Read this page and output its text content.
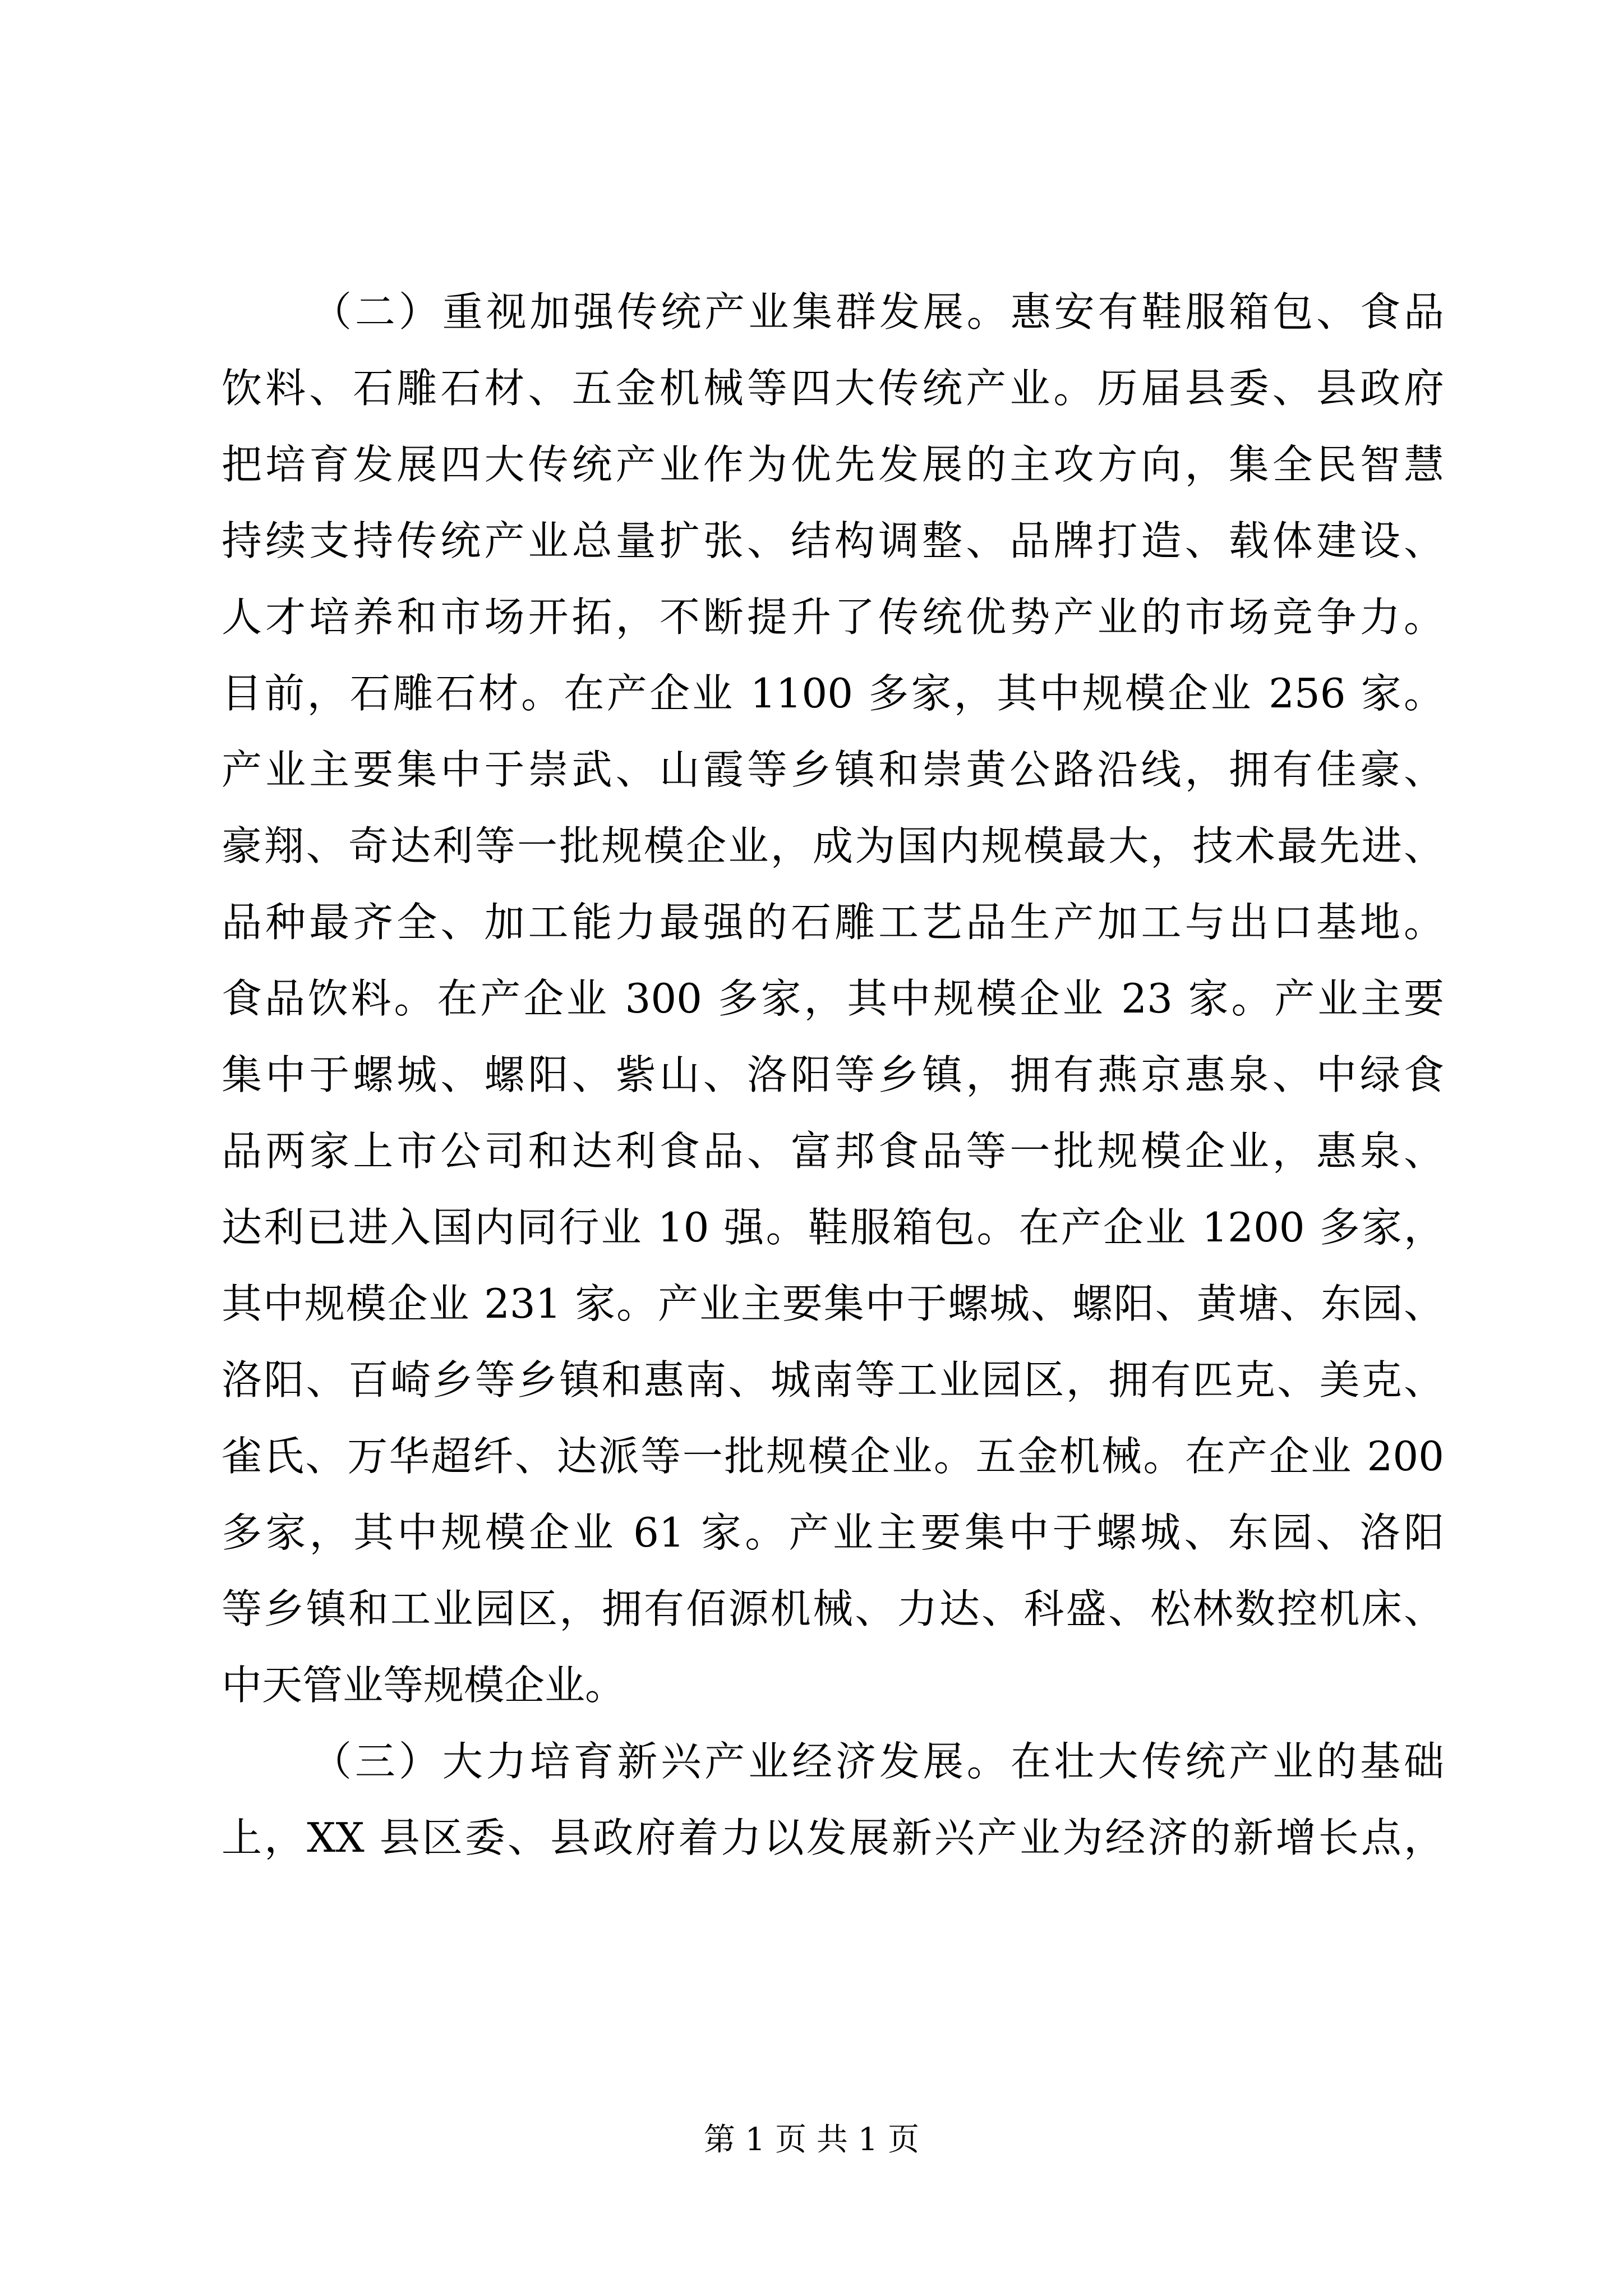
（二）重视加强传统产业集群发展。惠安有鞋服箱包、食品
饮料、石雕石材、五金机械等四大传统产业。历届县委、县政府
把培育发展四大传统产业作为优先发展的主攻方向，集全民智慧
持续支持传统产业总量扩张、结构调整、品牌打造、载体建设、
人才培养和市场开拓，不断提升了传统优势产业的市场竞争力。
目前，石雕石材。在产企业 1100 多家，其中规模企业 256 家。
产业主要集中于崇武、山霞等乡镇和崇黄公路沿线，拥有佳豪、
豪翔、奇达利等一批规模企业，成为国内规模最大，技术最先进、
品种最齐全、加工能力最强的石雕工艺品生产加工与出口基地。
食品饮料。在产企业 300 多家，其中规模企业 23 家。产业主要
集中于螺城、螺阳、紫山、洛阳等乡镇，拥有燕京惠泉、中绿食
品两家上市公司和达利食品、富邦食品等一批规模企业，惠泉、
达利已进入国内同行业 10 强。鞋服箱包。在产企业 1200 多家，
其中规模企业 231 家。产业主要集中于螺城、螺阳、黄塘、东园、
洛阳、百崎乡等乡镇和惠南、城南等工业园区，拥有匹克、美克、
雀氏、万华超纤、达派等一批规模企业。五金机械。在产企业 200
多家，其中规模企业 61 家。产业主要集中于螺城、东园、洛阳
等乡镇和工业园区，拥有佰源机械、力达、科盛、松林数控机床、
中天管业等规模企业。
（三）大力培育新兴产业经济发展。在壮大传统产业的基础
上，XX 县区委、县政府着力以发展新兴产业为经济的新增长点，
第 1 页 共 1 页
